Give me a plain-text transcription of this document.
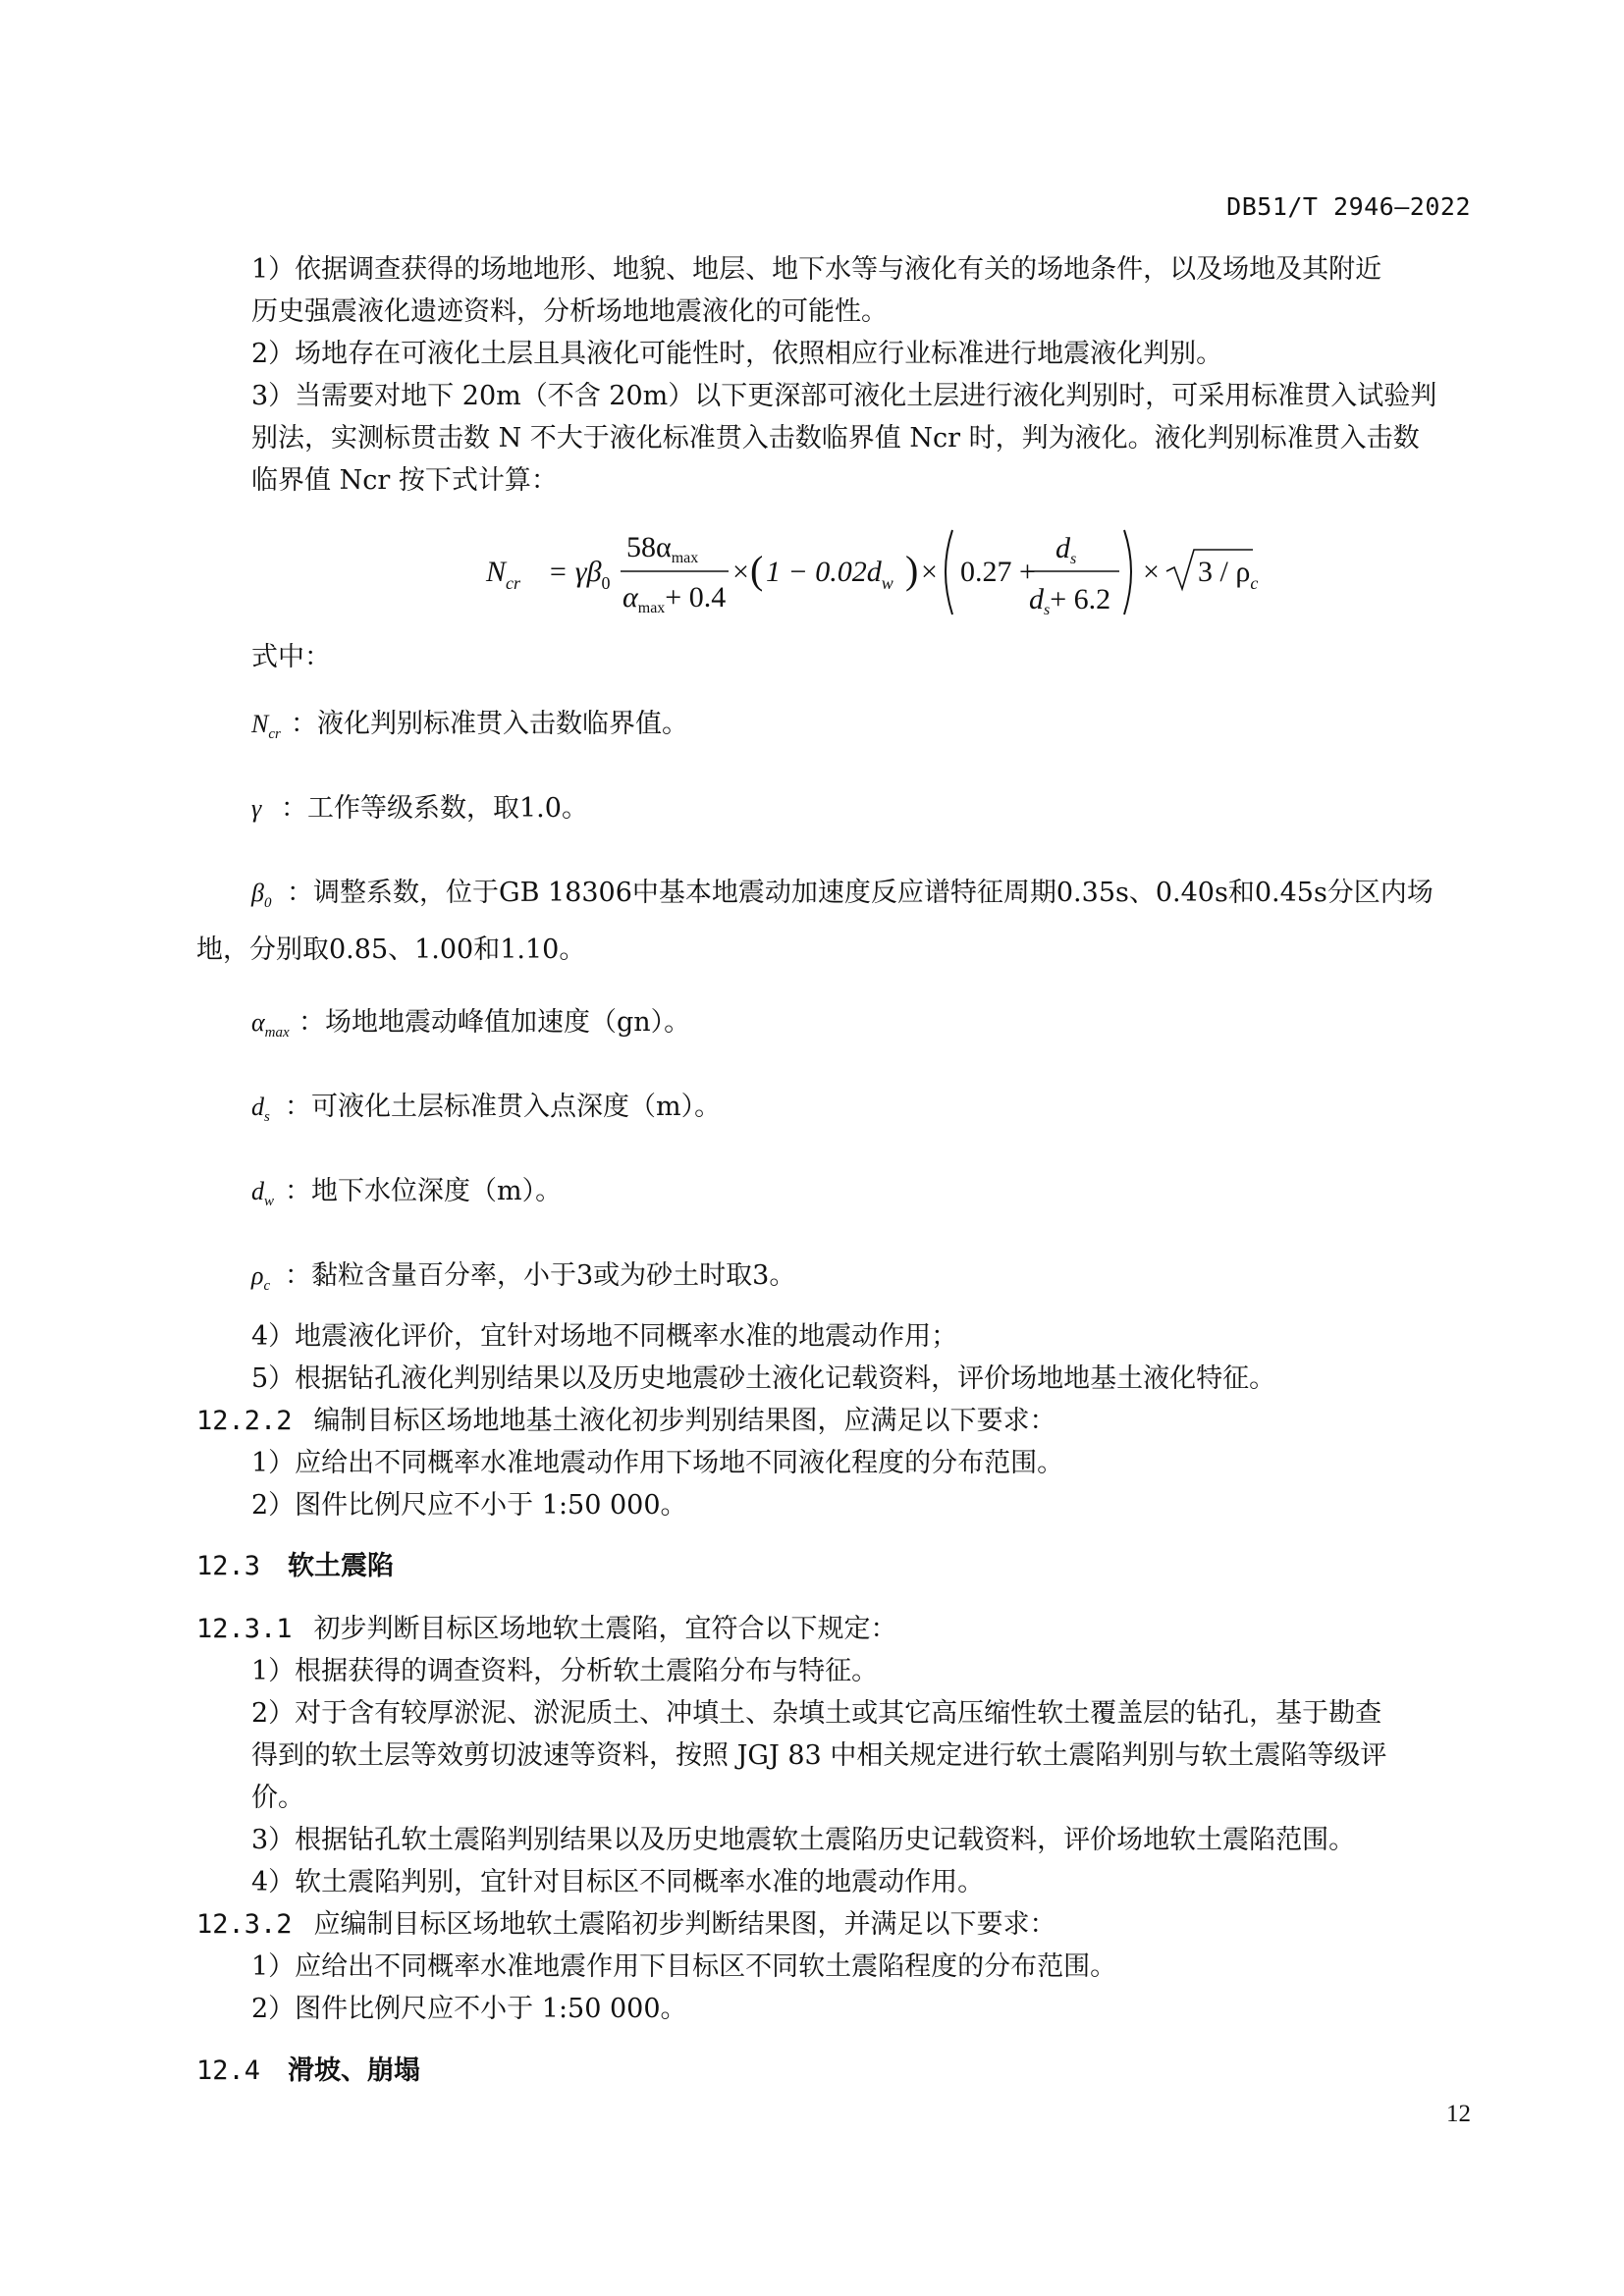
DB51/T 2946—2022
12
1）依据调查获得的场地地形、地貌、地层、地下水等与液化有关的场地条件，以及场地及其附近
历史强震液化遗迹资料，分析场地地震液化的可能性。
2）场地存在可液化土层且具液化可能性时，依照相应行业标准进行地震液化判别。
3）当需要对地下 20m（不含 20m）以下更深部可液化土层进行液化判别时，可采用标准贯入试验判
别法，实测标贯击数 N 不大于液化标准贯入击数临界值 Ncr 时，判为液化。液化判别标准贯入击数
临界值 Ncr 按下式计算：
$N_{cr} = \gamma\beta_0$
$58\alpha_{max}$
$\alpha_{max}+ 0.4$
× ( $1 - 0.02d_w$ ) × 0.27 +
$d_s$
$d_s+ 6.2$
× $3 / \rho_c$
式中：
$N_{cr}$ ：液化判别标准贯入击数临界值。
γ ：工作等级系数，取1.0。
$\beta_0$ ：调整系数，位于GB 18306中基本地震动加速度反应谱特征周期0.35s、0.40s和0.45s分区内场
地，分别取0.85、1.00和1.10。
$\alpha_{max}$ ：场地地震动峰值加速度（gn）。
$d_s$ ：可液化土层标准贯入点深度（m）。
$d_w$ ：地下水位深度（m）。
$\rho_c$ ：黏粒含量百分率，小于3或为砂土时取3。
4）地震液化评价，宜针对场地不同概率水准的地震动作用；
5）根据钻孔液化判别结果以及历史地震砂土液化记载资料，评价场地地基土液化特征。
12.2.2 编制目标区场地地基土液化初步判别结果图，应满足以下要求：
1）应给出不同概率水准地震动作用下场地不同液化程度的分布范围。
2）图件比例尺应不小于 1:50 000。
12.3 软土震陷
12.3.1 初步判断目标区场地软土震陷，宜符合以下规定：
1）根据获得的调查资料，分析软土震陷分布与特征。
2）对于含有较厚淤泥、淤泥质土、冲填土、杂填土或其它高压缩性软土覆盖层的钻孔，基于勘查
得到的软土层等效剪切波速等资料，按照 JGJ 83 中相关规定进行软土震陷判别与软土震陷等级评
价。
3）根据钻孔软土震陷判别结果以及历史地震软土震陷历史记载资料，评价场地软土震陷范围。
4）软土震陷判别，宜针对目标区不同概率水准的地震动作用。
12.3.2 应编制目标区场地软土震陷初步判断结果图，并满足以下要求：
1）应给出不同概率水准地震作用下目标区不同软土震陷程度的分布范围。
2）图件比例尺应不小于 1:50 000。
12.4 滑坡、崩塌
